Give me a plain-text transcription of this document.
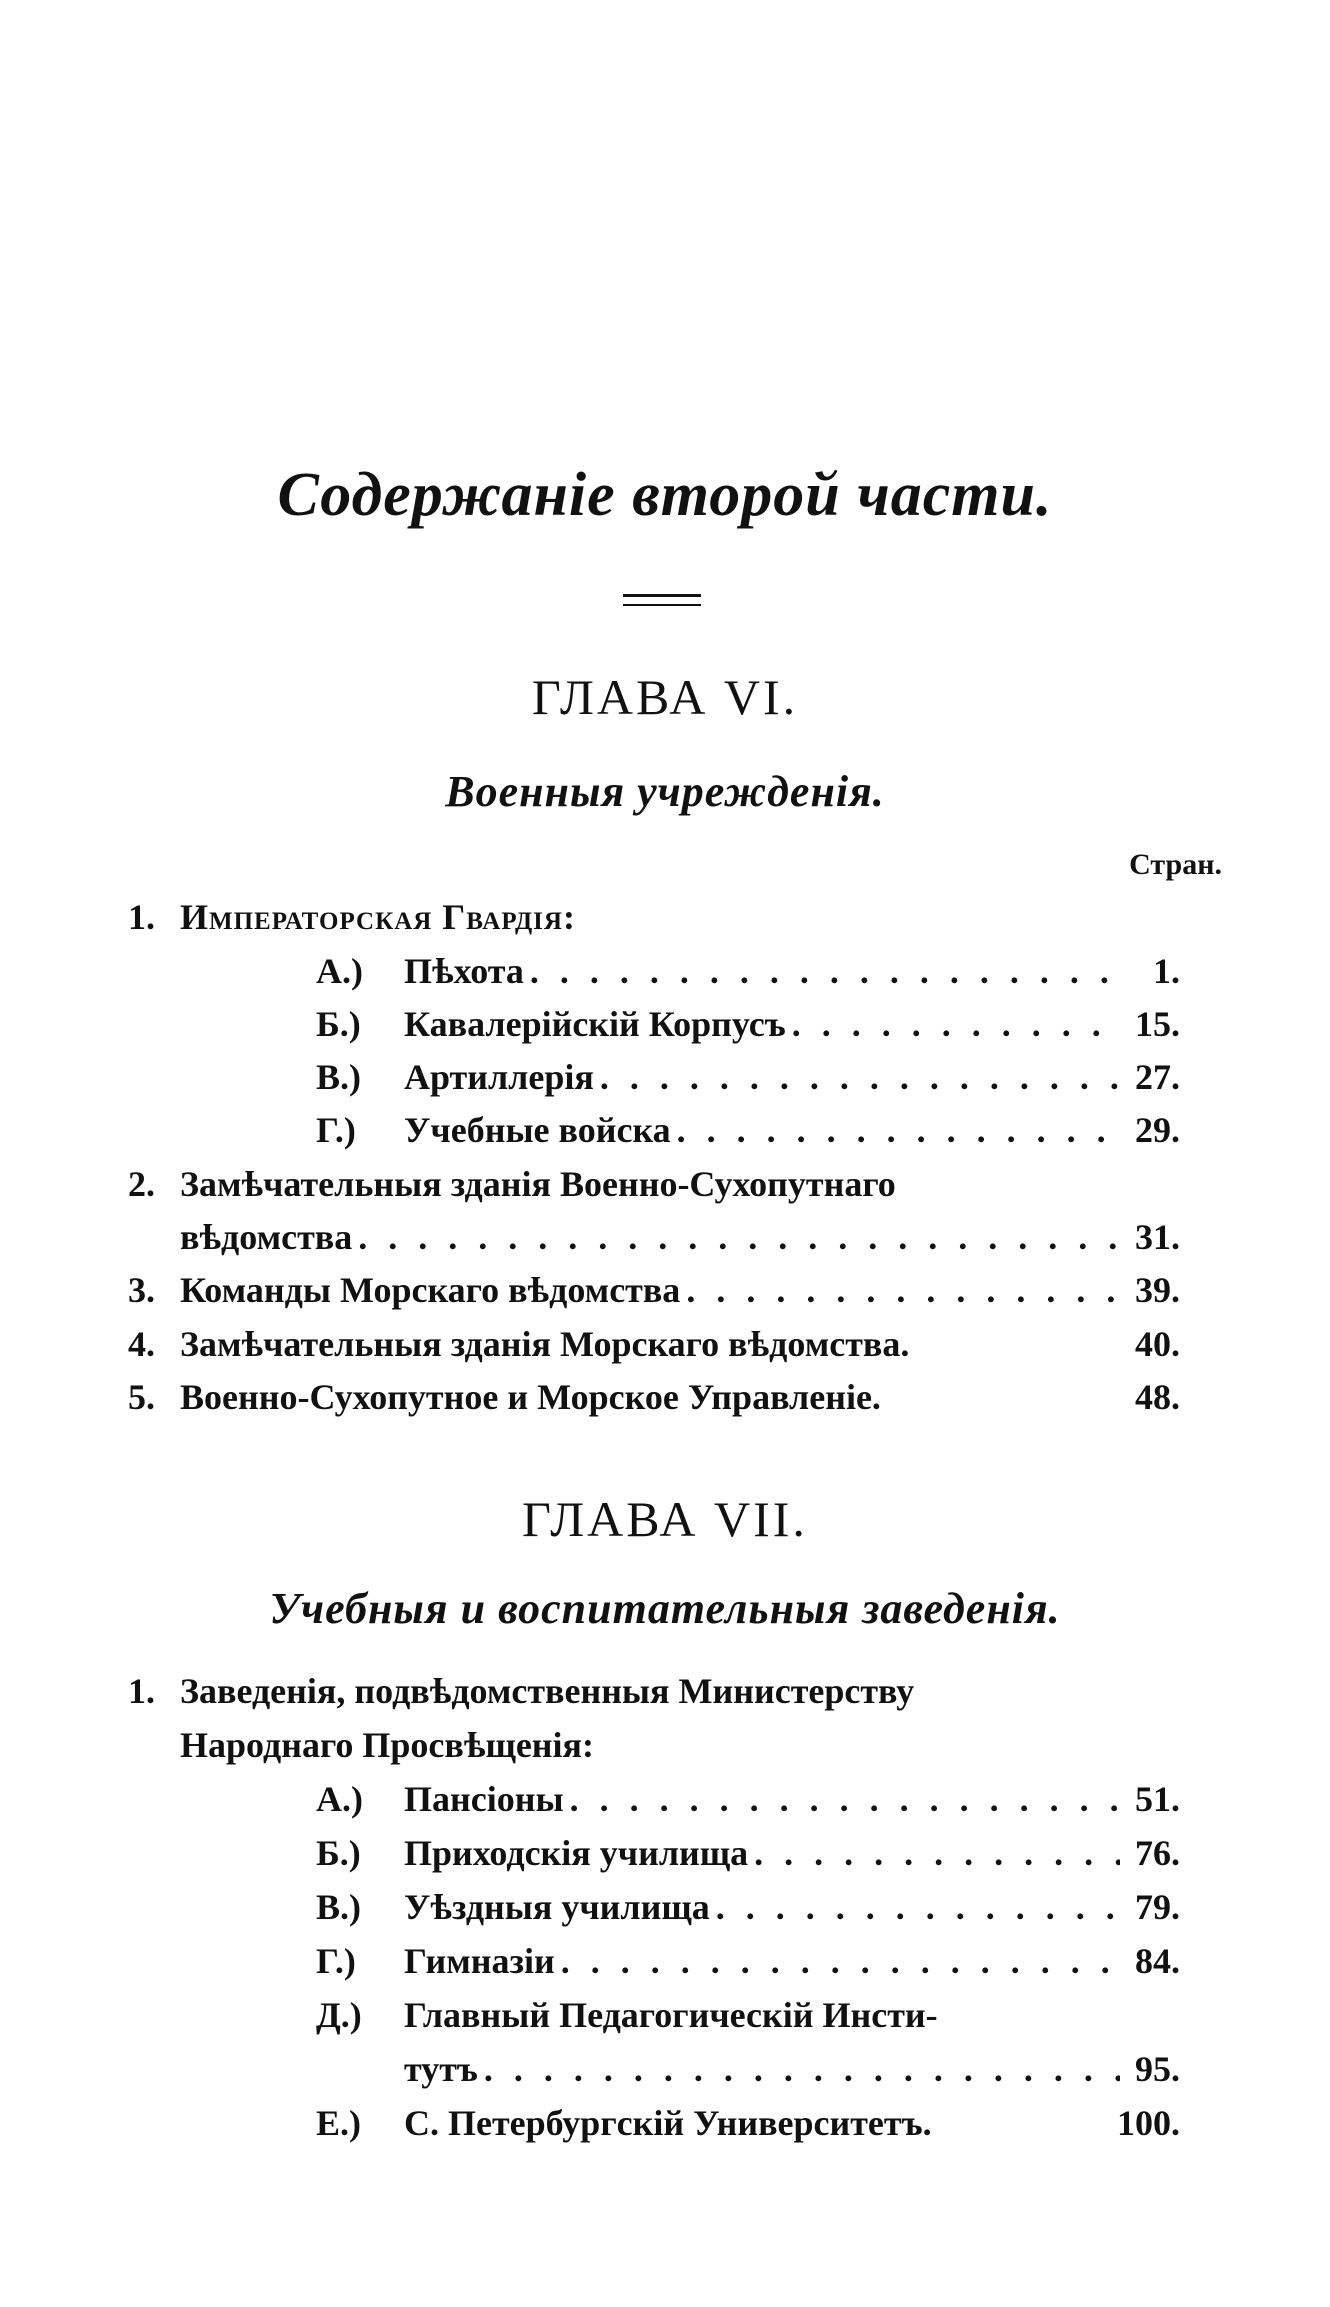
Содержаніе второй части.
ГЛАВА VI.
Военныя учрежденія.
Стран.
1. Императорская Гвардія:
А.)	Пѣхота . . .	1.
Б.)	Кавалерійскій Корпусъ . . .	15.
В.)	Артиллерія . . .	27.
Г.)	Учебные войска . . .	29.
2. Замѣчательныя зданія Военно-Сухопутнаго
вѣдомства . . .	31.
3. Команды Морскаго вѣдомства . . .	39.
4. Замѣчательныя зданія Морскаго вѣдомства.	40.
5. Военно-Сухопутное и Морское Управленіе.	48.
ГЛАВА VII.
Учебныя и воспитательныя заведенія.
1. Заведенія, подвѣдомственныя Министерству
Народнаго Просвѣщенія:
А.)	Пансіоны . . .	51.
Б.)	Приходскія училища . . .	76.
В.)	Уѣздныя училища . . .	79.
Г.)	Гимназіи . . .	84.
Д.)	Главный Педагогическій Инсти-
тутъ . . .	95.
Е.)	С. Петербургскій Университетъ.	100.
